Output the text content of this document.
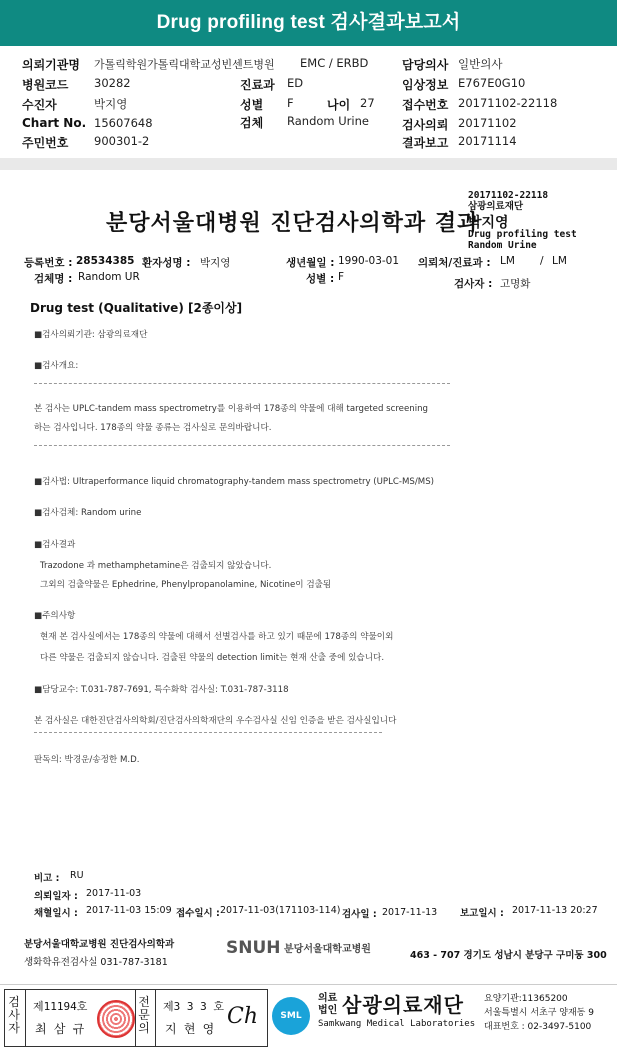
Drug profiling test 검사결과보고서
의뢰기관명 가톨릭학원가톨릭대학교성빈센트병원 EMC / ERBD	담당의사 일반의사
병원코드 30282	진료과 ED	임상정보 E767E0G10
수진자	박지영	성별 F	나이 27 접수번호 20171102-22118
Chart No. 15607648	검체 Random Urine	검사의뢰 20171102
주민번호 900301-2	결과보고 20171114
분당서울대병원 진단검사의학과 결과
20171102-22118
삼광의료재단
박지영
Drug profiling test
Random Urine
등록번호 : 28534385 환자성명 : 박지영	생년월일 : 1990-03-01 의뢰처/진료과 : LM / LM
검체명 : Random UR	성별 : F
검사자 : 고명화
Drug test (Qualitative) [2종이상]
■검사의뢰기관: 삼광의료재단
■검사개요:
본 검사는 UPLC-tandem mass spectrometry를 이용하여 178종의 약물에 대해 targeted screening
하는 검사입니다. 178종의 약물 종류는 검사실로 문의바랍니다.
■검사법: Ultraperformance liquid chromatography-tandem mass spectrometry (UPLC-MS/MS)
■검사검체: Random urine
■검사결과
Trazodone 과 methamphetamine은 검출되지 않았습니다.
그외의 검출약물은 Ephedrine, Phenylpropanolamine, Nicotine이 검출됨
■주의사항
현재 본 검사실에서는 178종의 약물에 대해서 선별검사를 하고 있기 때문에 178종의 약물이외
다른 약물은 검출되지 않습니다. 검출된 약물의 detection limit는 현재 산출 중에 있습니다.
■담당교수: T.031-787-7691, 특수화학 검사실: T.031-787-3118
본 검사실은 대한진단검사의학회/진단검사의학재단의 우수검사실 신임 인증을 받은 검사실입니다
판독의: 박경운/송정한 M.D.
비고 : RU
의뢰일자 : 2017-11-03
채혈일시 : 2017-11-03 15:09 접수일시 : 2017-11-03(171103-114) 검사일 : 2017-11-13 보고일시 : 2017-11-13 20:27
분당서울대학교병원 진단검사의학과
생화학유전검사실 031-787-3181
SNUH 분당서울대학교병원
463 - 707 경기도 성남시 분당구 구미동 300
검
사
자
제11194호
최 삼 규
전
문
의
제3 3 3 호
지 현 영 Ch	SML
의료
법인 삼광의료재단
Samkwang Medical Laboratories
요양기관:11365200
서울특별시 서초구 양재동 9
대표번호 : 02-3497-5100
